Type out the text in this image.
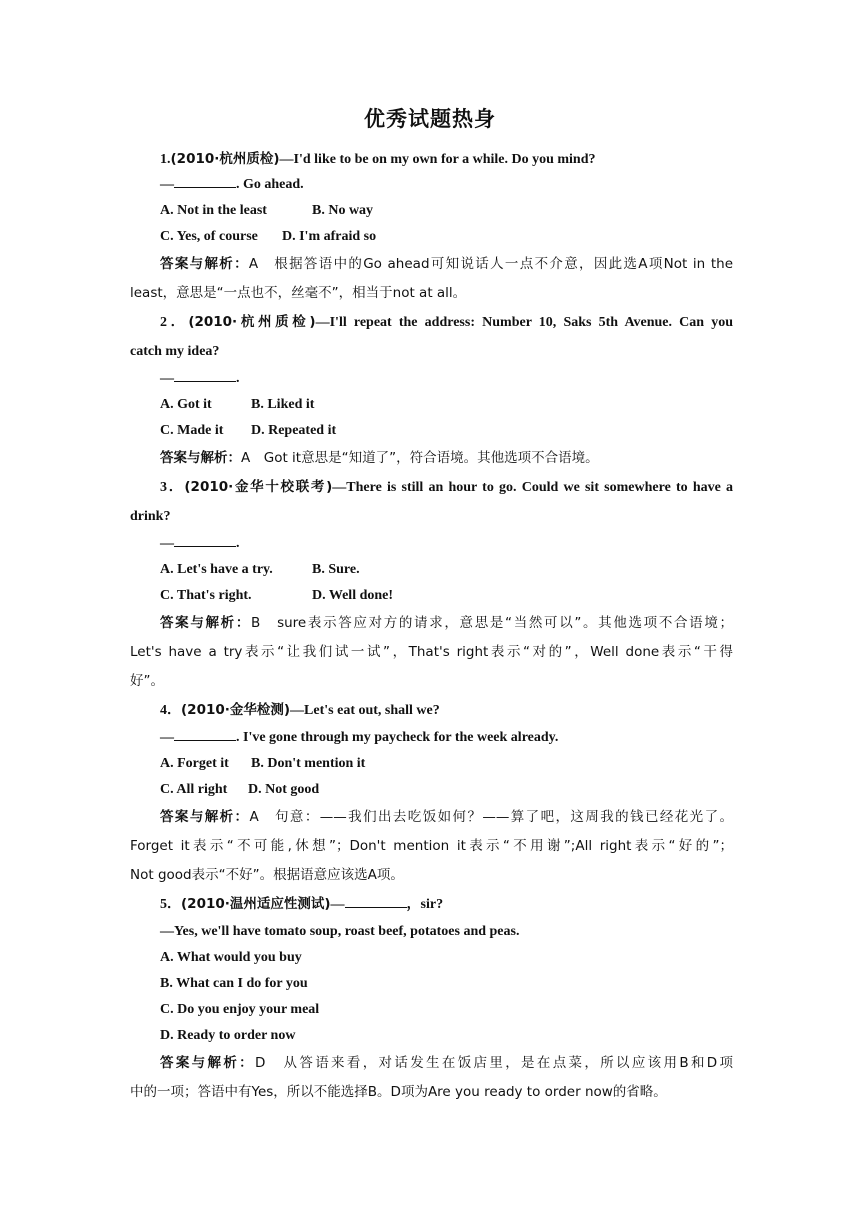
优秀试题热身
1.(2010·杭州质检)—I'd like to be on my own for a while. Do you mind?
—	. Go ahead.
A. Not in the least	B. No way
C. Yes, of course D. I'm afraid so
答案与解析：A　根据答语中的Go ahead可知说话人一点不介意，因此选A项Not in the
least，意思是“一点也不，丝毫不”，相当于not at all。
2．(2010·杭州质检)—I'll repeat the address: Number 10, Saks 5th Avenue. Can you
catch my idea?
—	.
A. Got it	B. Liked it
C. Made it D. Repeated it
答案与解析：A　Got it意思是“知道了”，符合语境。其他选项不合语境。
3．(2010·金华十校联考)—There is still an hour to go. Could we sit somewhere to have a
drink?
—	.
A. Let's have a try.	B. Sure.
C. That's right.	D. Well done!
答案与解析：B　sure表示答应对方的请求，意思是“当然可以”。其他选项不合语境；
Let's have a try表示“让我们试一试”，That's right表示“对的”，Well done表示“干得
好”。
4．(2010·金华检测)—Let's eat out, shall we?
—	. I've gone through my paycheck for the week already.
A. Forget it B. Don't mention it
C. All right D. Not good
答案与解析：A　句意：——我们出去吃饭如何？——算了吧，这周我的钱已经花光了。
Forget it表示“不可能,休想”；Don't mention it表示“不用谢”;All right表示“好的”；
Not good表示“不好”。根据语意应该选A项。
5．(2010·温州适应性测试)—	，sir?
—Yes, we'll have tomato soup, roast beef, potatoes and peas.
A. What would you buy
B. What can I do for you
C. Do you enjoy your meal
D. Ready to order now
答案与解析：D　从答语来看，对话发生在饭店里，是在点菜，所以应该用B和D项
中的一项；答语中有Yes，所以不能选择B。D项为Are you ready to order now的省略。
